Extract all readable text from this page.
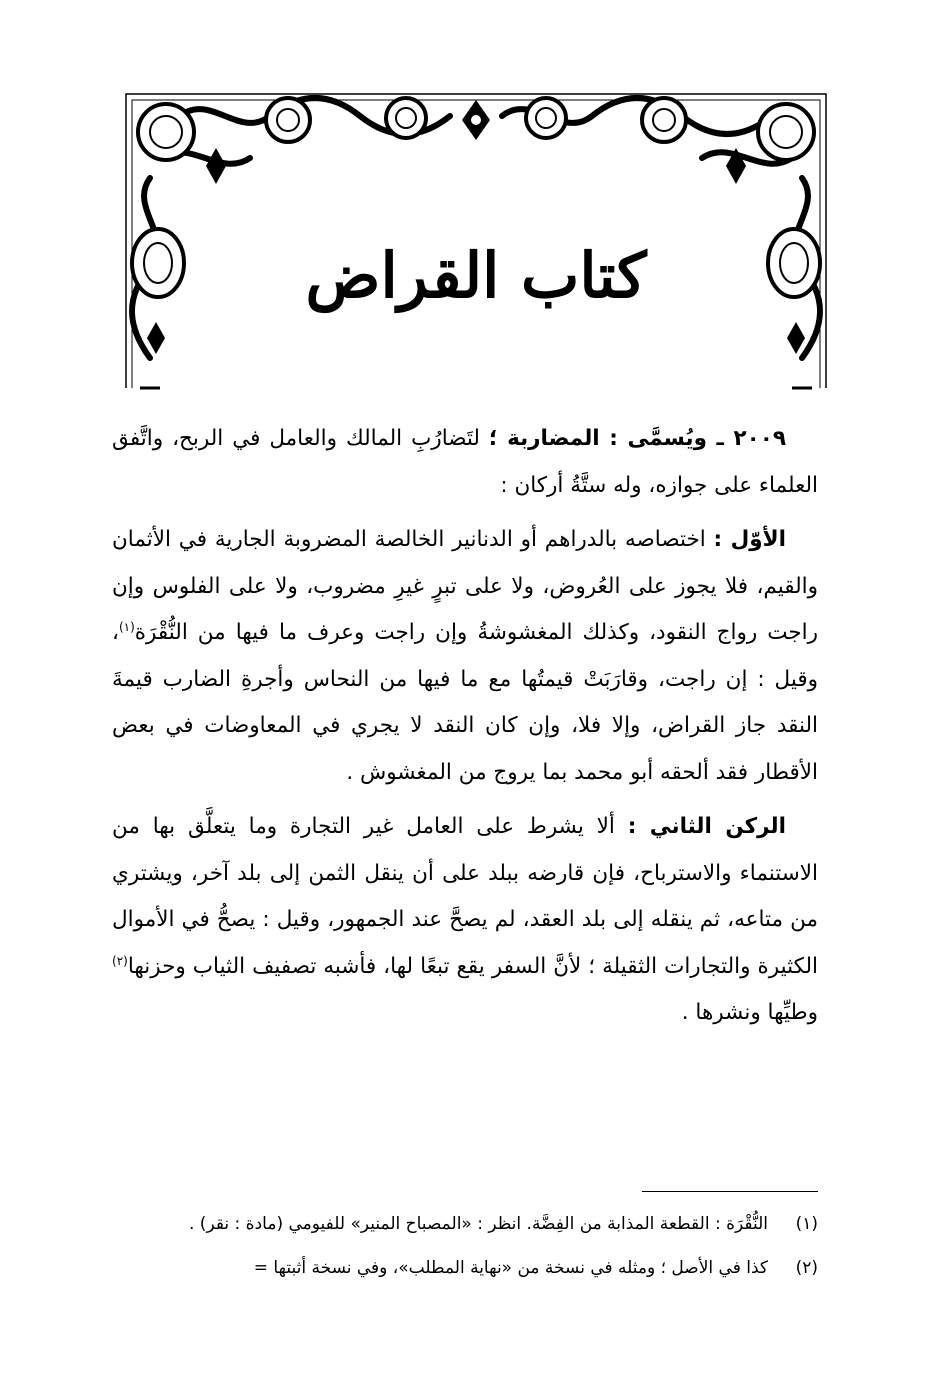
كتاب القراض

٢٠٠٩ ـ ويُسمَّى : المضاربة ؛ لتَضارُبِ المالك والعامل في الربح، واتَّفق العلماء على جوازه، وله ستَّةُ أركان :

الأوّل : اختصاصه بالدراهم أو الدنانير الخالصة المضروبة الجارية في الأثمان والقيم، فلا يجوز على العُروض، ولا على تبرٍ غيرِ مضروب، ولا على الفلوس وإن راجت رواج النقود، وكذلك المغشوشةُ وإن راجت وعرف ما فيها من النُّقْرَة$^{(١)}$، وقيل : إن راجت، وقارَبَتْ قيمتُها مع ما فيها من النحاس وأجرةِ الضارب قيمةَ النقد جاز القراض، وإلا فلا، وإن كان النقد لا يجري في المعاوضات في بعض الأقطار فقد ألحقه أبو محمد بما يروج من المغشوش .

الركن الثاني : ألا يشرط على العامل غير التجارة وما يتعلَّق بها من الاستنماء والاسترباح، فإن قارضه ببلد على أن ينقل الثمن إلى بلد آخر، ويشتري من متاعه، ثم ينقله إلى بلد العقد، لم يصحَّ عند الجمهور، وقيل : يصحُّ في الأموال الكثيرة والتجارات الثقيلة ؛ لأنَّ السفر يقع تبعًا لها، فأشبه تصفيف الثياب وحزنها$^{(٢)}$ وطيِّها ونشرها .

(١)
النُّقْرَة : القطعة المذابة من الفِضَّة. انظر : «المصباح المنير» للفيومي (مادة : نقر) .
(٢)
كذا في الأصل ؛ ومثله في نسخة من «نهاية المطلب»، وفي نسخة أثبتها =
